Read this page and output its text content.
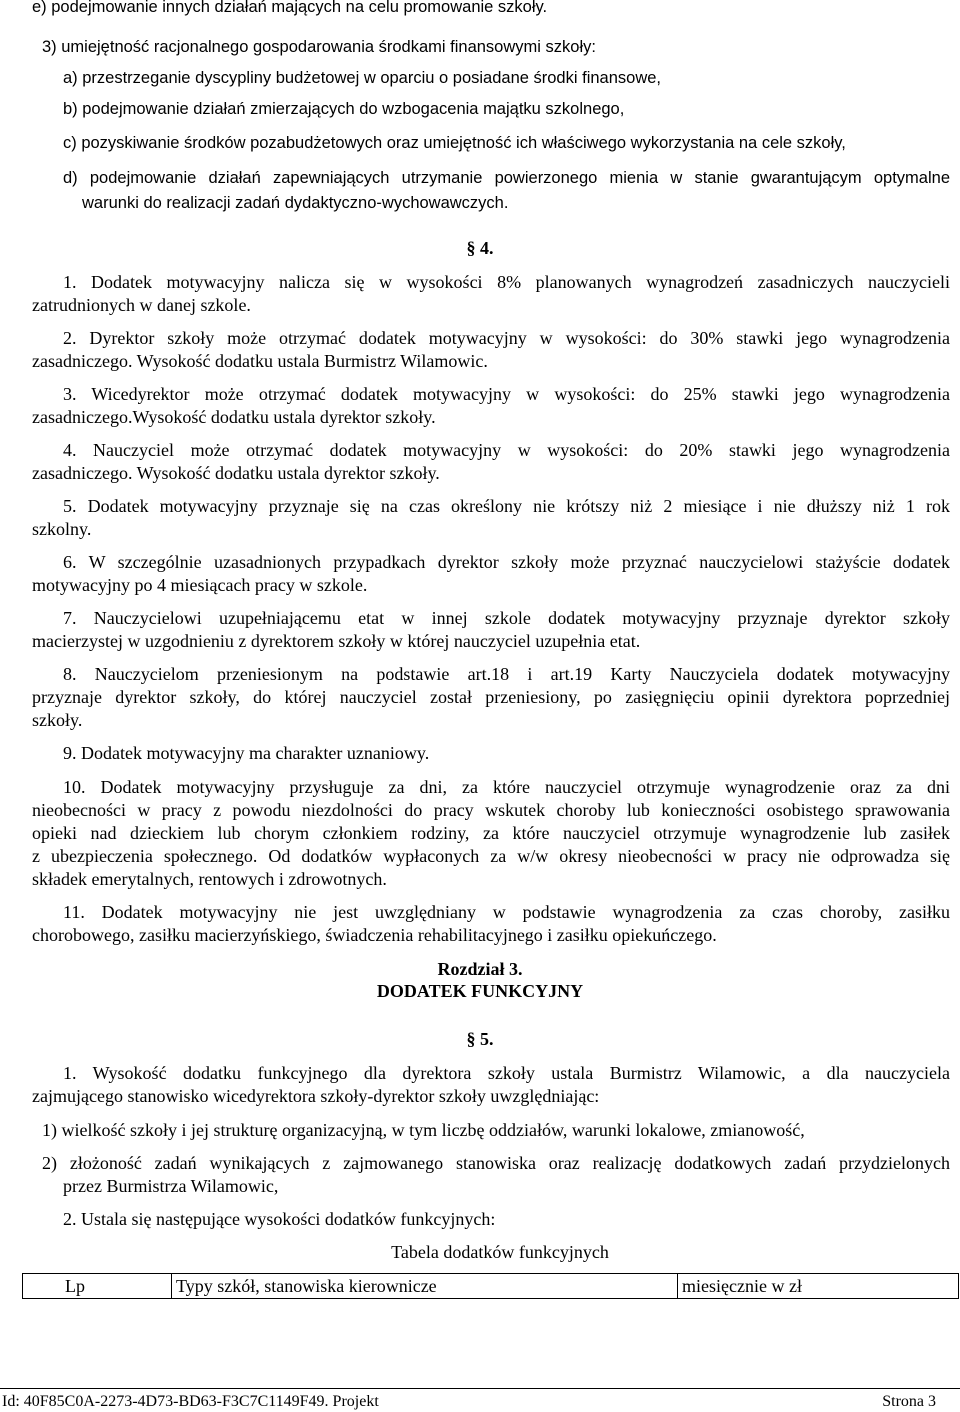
e) podejmowanie innych działań mających na celu promowanie szkoły.
3) umiejętność racjonalnego gospodarowania środkami finansowymi szkoły:
a) przestrzeganie dyscypliny budżetowej w oparciu o posiadane środki finansowe,
b) podejmowanie działań zmierzających do wzbogacenia majątku szkolnego,
c) pozyskiwanie środków pozabudżetowych oraz umiejętność ich właściwego wykorzystania na cele szkoły,
d) podejmowanie działań zapewniających utrzymanie powierzonego mienia w stanie gwarantującym optymalne
warunki do realizacji zadań dydaktyczno-wychowawczych.
§ 4.
1. Dodatek motywacyjny nalicza się w wysokości 8% planowanych wynagrodzeń zasadniczych nauczycieli
zatrudnionych w danej szkole.
2. Dyrektor szkoły może otrzymać dodatek motywacyjny w wysokości: do 30% stawki jego wynagrodzenia
zasadniczego. Wysokość dodatku ustala Burmistrz Wilamowic.
3. Wicedyrektor może otrzymać dodatek motywacyjny w wysokości: do 25% stawki jego wynagrodzenia
zasadniczego.Wysokość dodatku ustala dyrektor szkoły.
4. Nauczyciel może otrzymać dodatek motywacyjny w wysokości: do 20% stawki jego wynagrodzenia
zasadniczego. Wysokość dodatku ustala dyrektor szkoły.
5. Dodatek motywacyjny przyznaje się na czas określony nie krótszy niż 2 miesiące i nie dłuższy niż 1 rok
szkolny.
6. W szczególnie uzasadnionych przypadkach dyrektor szkoły może przyznać nauczycielowi stażyście dodatek
motywacyjny po 4 miesiącach pracy w szkole.
7. Nauczycielowi uzupełniającemu etat w innej szkole dodatek motywacyjny przyznaje dyrektor szkoły
macierzystej w uzgodnieniu z dyrektorem szkoły w której nauczyciel uzupełnia etat.
8. Nauczycielom przeniesionym na podstawie art.18 i art.19 Karty Nauczyciela dodatek motywacyjny
przyznaje dyrektor szkoły, do której nauczyciel został przeniesiony, po zasięgnięciu opinii dyrektora poprzedniej
szkoły.
9. Dodatek motywacyjny ma charakter uznaniowy.
10. Dodatek motywacyjny przysługuje za dni, za które nauczyciel otrzymuje wynagrodzenie oraz za dni
nieobecności w pracy z powodu niezdolności do pracy wskutek choroby lub konieczności osobistego sprawowania
opieki nad dzieckiem lub chorym członkiem rodziny, za które nauczyciel otrzymuje wynagrodzenie lub zasiłek
z ubezpieczenia społecznego. Od dodatków wypłaconych za w/w okresy nieobecności w pracy nie odprowadza się
składek emerytalnych, rentowych i zdrowotnych.
11. Dodatek motywacyjny nie jest uwzględniany w podstawie wynagrodzenia za czas choroby, zasiłku
chorobowego, zasiłku macierzyńskiego, świadczenia rehabilitacyjnego i zasiłku opiekuńczego.
Rozdział 3.
DODATEK FUNKCYJNY
§ 5.
1. Wysokość dodatku funkcyjnego dla dyrektora szkoły ustala Burmistrz Wilamowic, a dla nauczyciela
zajmującego stanowisko wicedyrektora szkoły-dyrektor szkoły uwzględniając:
1) wielkość szkoły i jej strukturę organizacyjną, w tym liczbę oddziałów, warunki lokalowe, zmianowość,
2) złożoność zadań wynikających z zajmowanego stanowiska oraz realizację dodatkowych zadań przydzielonych
przez Burmistrza Wilamowic,
2. Ustala się następujące wysokości dodatków funkcyjnych:
Tabela dodatków funkcyjnych
Lp	Typy szkół, stanowiska kierownicze	miesięcznie w zł
Id: 40F85C0A-2273-4D73-BD63-F3C7C1149F49. Projekt	Strona 3
